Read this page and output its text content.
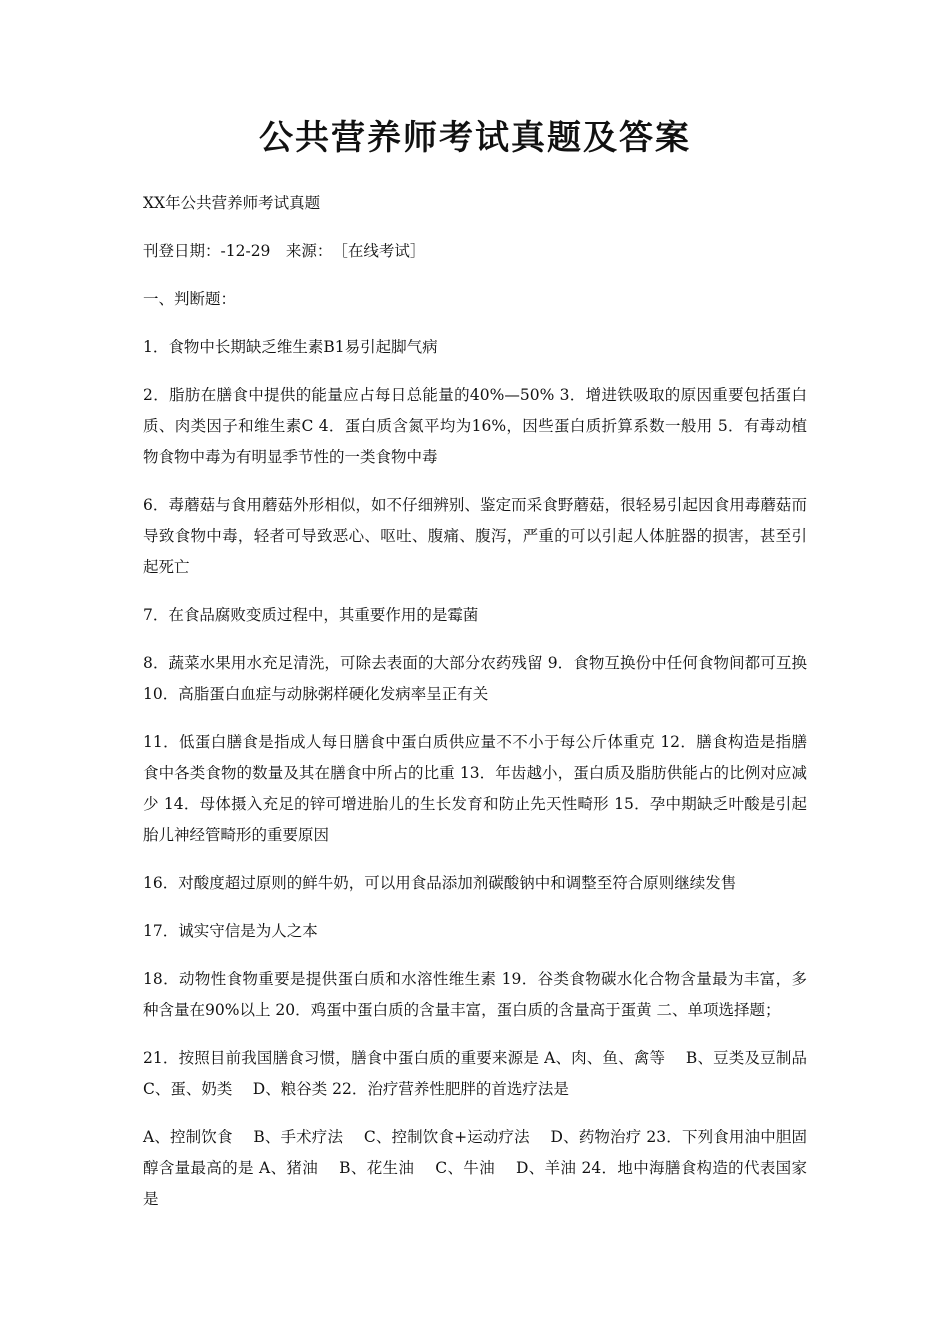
公共营养师考试真题及答案

XX年公共营养师考试真题

刊登日期：-12-29　来源：　［在线考试］

一、判断题：

1．食物中长期缺乏维生素B1易引起脚气病

2．脂肪在膳食中提供的能量应占每日总能量的40%—50% 3．增进铁吸取的原因重要包括蛋白质、肉类因子和维生素C 4．蛋白质含氮平均为16%，因些蛋白质折算系数一般用 5．有毒动植物食物中毒为有明显季节性的一类食物中毒

6．毒蘑菇与食用蘑菇外形相似，如不仔细辨别、鉴定而采食野蘑菇，很轻易引起因食用毒蘑菇而导致食物中毒，轻者可导致恶心、呕吐、腹痛、腹泻，严重的可以引起人体脏器的损害，甚至引起死亡

7．在食品腐败变质过程中，其重要作用的是霉菌

8．蔬菜水果用水充足清洗，可除去表面的大部分农药残留 9．食物互换份中任何食物间都可互换 10．高脂蛋白血症与动脉粥样硬化发病率呈正有关

11．低蛋白膳食是指成人每日膳食中蛋白质供应量不不小于每公斤体重克 12．膳食构造是指膳食中各类食物的数量及其在膳食中所占的比重 13．年齿越小，蛋白质及脂肪供能占的比例对应减少 14．母体摄入充足的锌可增进胎儿的生长发育和防止先天性畸形 15．孕中期缺乏叶酸是引起胎儿神经管畸形的重要原因

16．对酸度超过原则的鲜牛奶，可以用食品添加剂碳酸钠中和调整至符合原则继续发售

17．诚实守信是为人之本

18．动物性食物重要是提供蛋白质和水溶性维生素 19．谷类食物碳水化合物含量最为丰富，多种含量在90%以上 20．鸡蛋中蛋白质的含量丰富，蛋白质的含量高于蛋黄 二、单项选择题；

21．按照目前我国膳食习惯，膳食中蛋白质的重要来源是 A、肉、鱼、禽等　 B、豆类及豆制品　 C、蛋、奶类　 D、粮谷类 22．治疗营养性肥胖的首选疗法是

A、控制饮食　 B、手术疗法　 C、控制饮食+运动疗法　 D、药物治疗 23．下列食用油中胆固醇含量最高的是 A、猪油　 B、花生油　 C、牛油　 D、羊油 24．地中海膳食构造的代表国家是
